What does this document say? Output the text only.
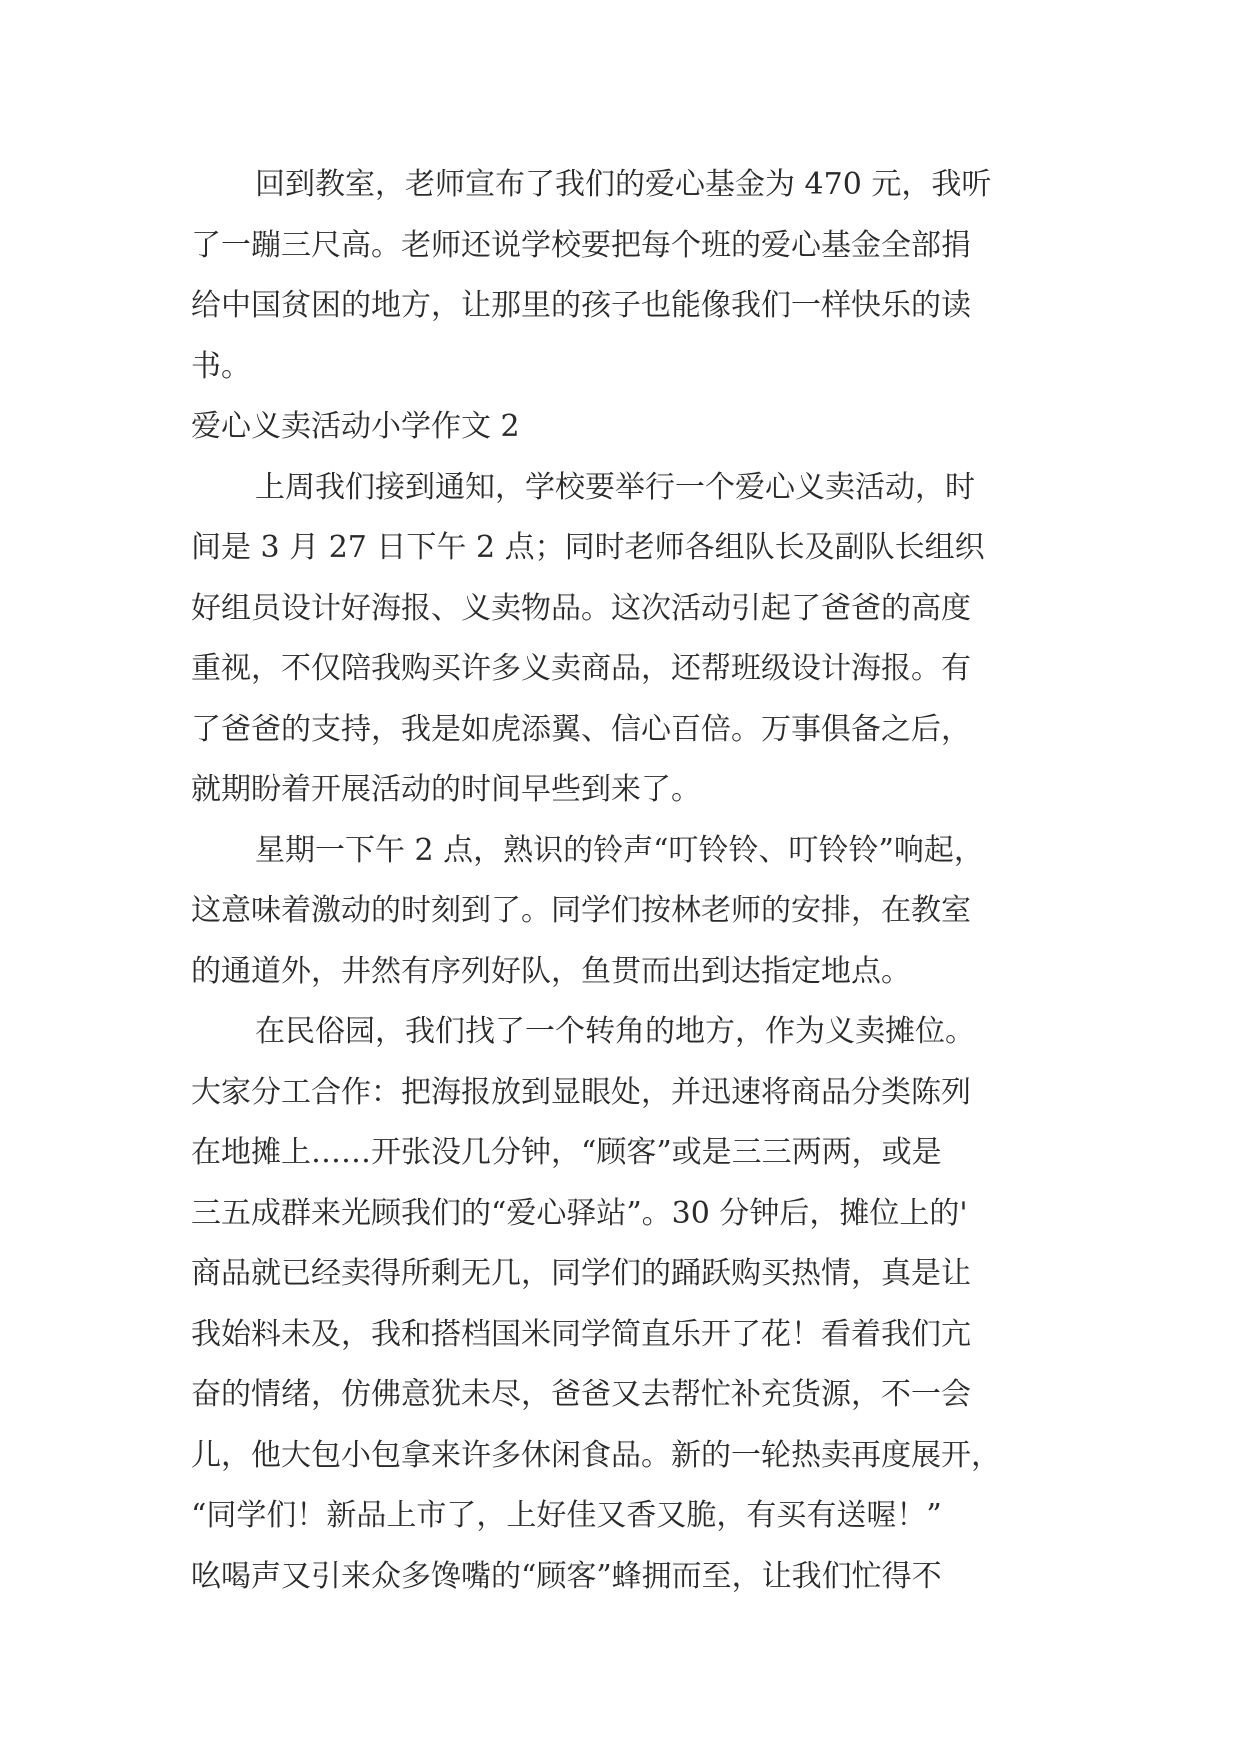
回到教室，老师宣布了我们的爱心基金为 470 元，我听
了一蹦三尺高。老师还说学校要把每个班的爱心基金全部捐
给中国贫困的地方，让那里的孩子也能像我们一样快乐的读
书。
爱心义卖活动小学作文 2
上周我们接到通知，学校要举行一个爱心义卖活动，时
间是 3 月 27 日下午 2 点；同时老师各组队长及副队长组织
好组员设计好海报、义卖物品。这次活动引起了爸爸的高度
重视，不仅陪我购买许多义卖商品，还帮班级设计海报。有
了爸爸的支持，我是如虎添翼、信心百倍。万事俱备之后，
就期盼着开展活动的时间早些到来了。
星期一下午 2 点，熟识的铃声“叮铃铃、叮铃铃”响起，
这意味着激动的时刻到了。同学们按林老师的安排，在教室
的通道外，井然有序列好队，鱼贯而出到达指定地点。
在民俗园，我们找了一个转角的地方，作为义卖摊位。
大家分工合作：把海报放到显眼处，并迅速将商品分类陈列
在地摊上……开张没几分钟，“顾客”或是三三两两，或是
三五成群来光顾我们的“爱心驿站”。30 分钟后，摊位上的'
商品就已经卖得所剩无几，同学们的踊跃购买热情，真是让
我始料未及，我和搭档国米同学简直乐开了花！看着我们亢
奋的情绪，仿佛意犹未尽，爸爸又去帮忙补充货源，不一会
儿，他大包小包拿来许多休闲食品。新的一轮热卖再度展开，
“同学们！新品上市了，上好佳又香又脆，有买有送喔！”
吆喝声又引来众多馋嘴的“顾客”蜂拥而至，让我们忙得不
